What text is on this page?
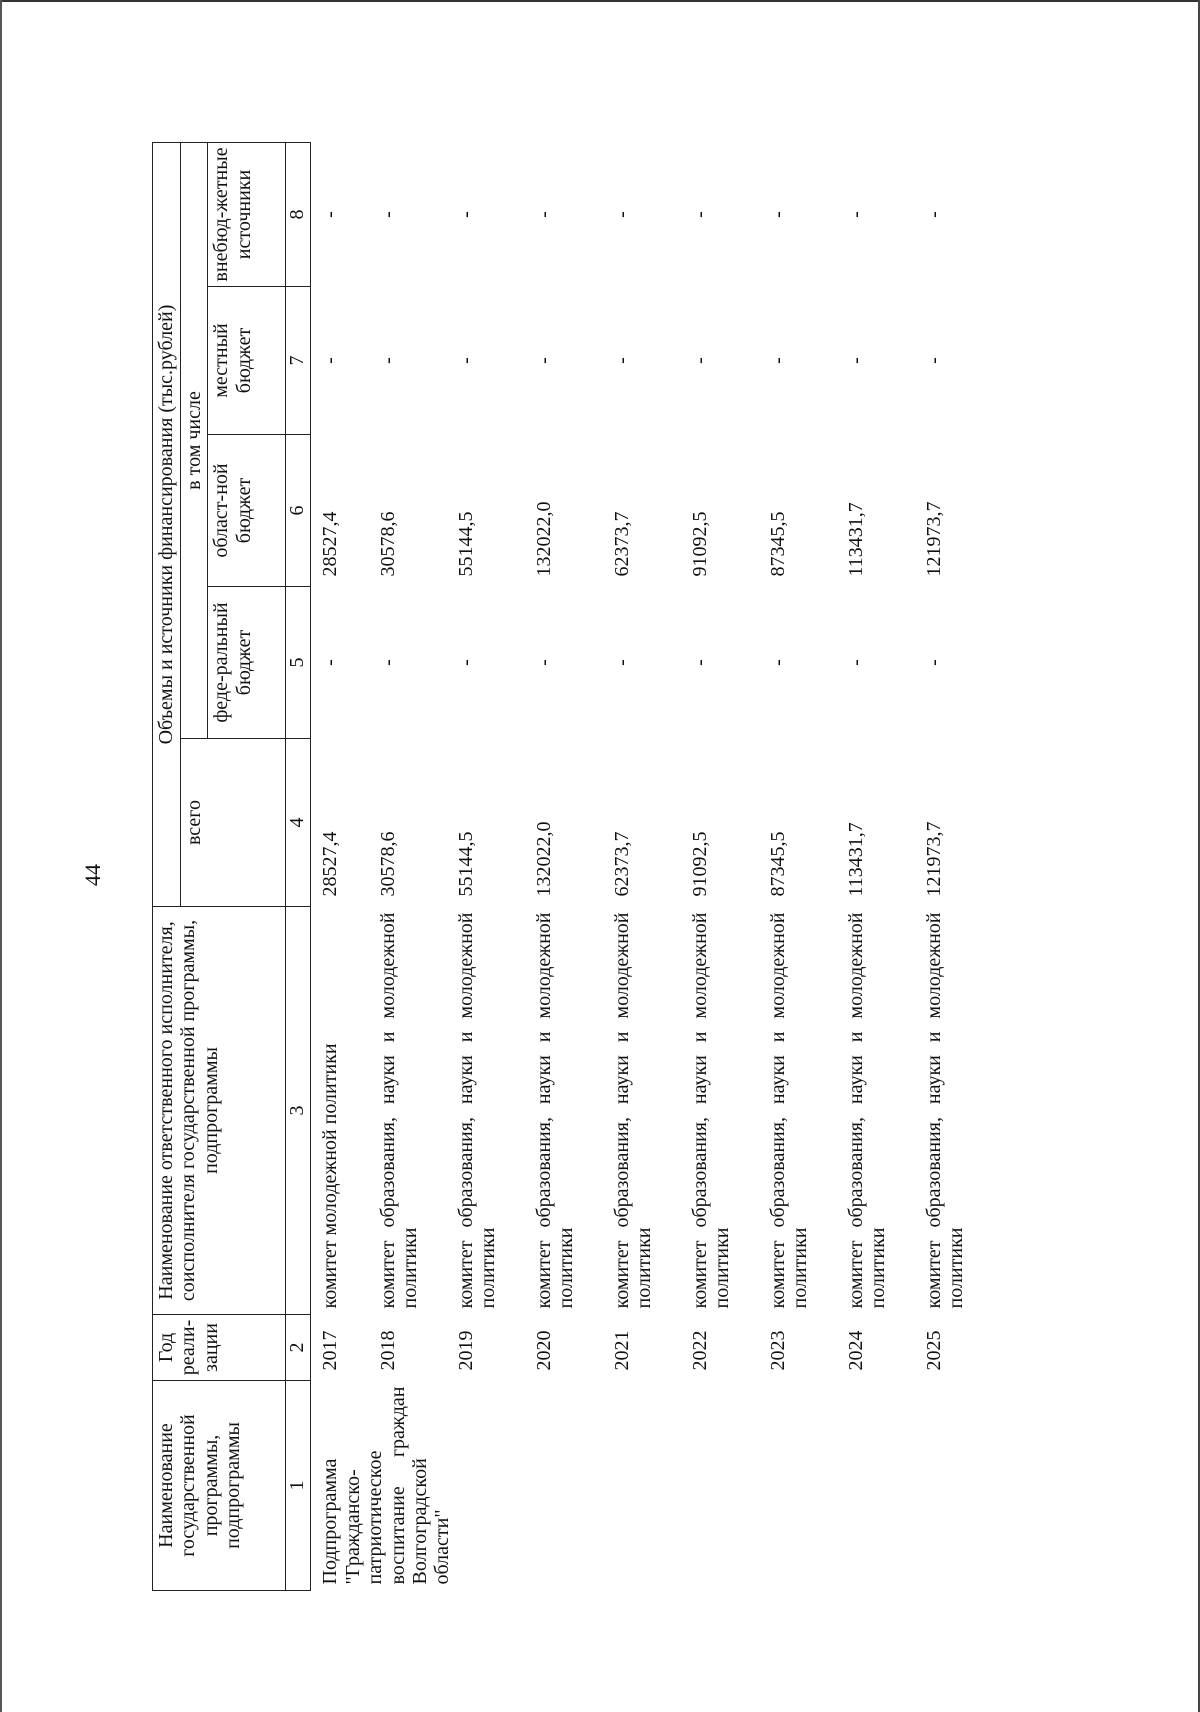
44
Наименование государственной программы, подпрограммы	Год реали-зации	Наименование ответственного исполнителя, соисполнителя государственной программы, подпрограммы	Объемы и источники финансирования (тыс.рублей)				
			всего	в том числе			
				феде-ральный бюджет	област-ной бюджет	местный бюджет	внебюд-жетные источники
1	2	3	4	5	6	7	8
Подпрограмма "Гражданско-патриотическое воспитание граждан Волгоградской области"	2017	комитет молодежной политики	28527,4	-	28527,4	-	-
	2018	комитет образования, науки и молодежной политики	30578,6	-	30578,6	-	-
	2019	комитет образования, науки и молодежной политики	55144,5	-	55144,5	-	-
	2020	комитет образования, науки и молодежной политики	132022,0	-	132022,0	-	-
	2021	комитет образования, науки и молодежной политики	62373,7	-	62373,7	-	-
	2022	комитет образования, науки и молодежной политики	91092,5	-	91092,5	-	-
	2023	комитет образования, науки и молодежной политики	87345,5	-	87345,5	-	-
	2024	комитет образования, науки и молодежной политики	113431,7	-	113431,7	-	-
	2025	комитет образования, науки и молодежной политики	121973,7	-	121973,7	-	-
